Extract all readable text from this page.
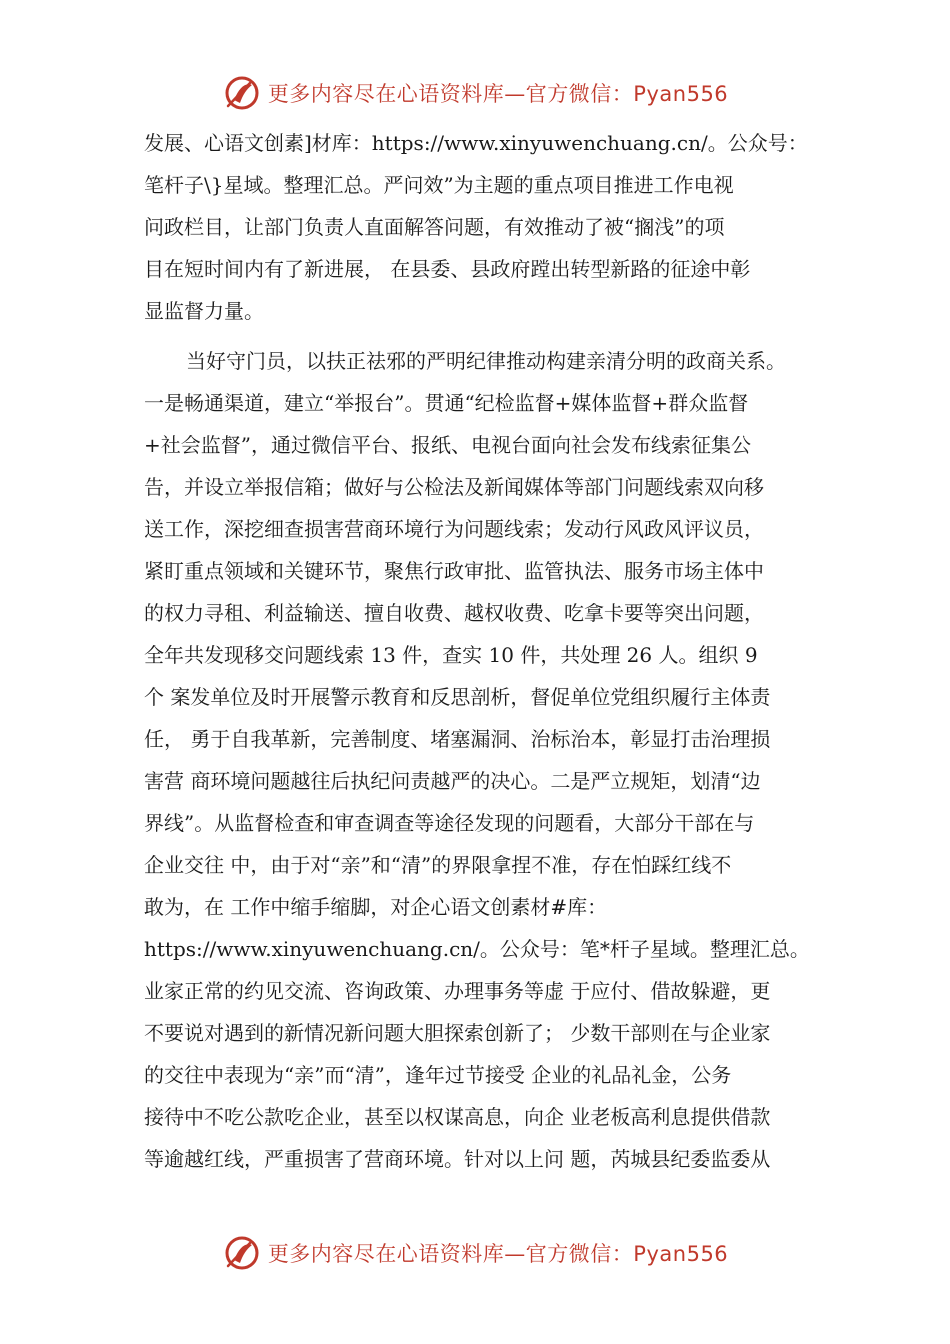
更多内容尽在心语资料库—官方微信：Pyan556
发展、心语文创素]材库：https://www.xinyuwenchuang.cn/。公众号：
笔杆子\}星域。整理汇总。严问效”为主题的重点项目推进工作电视
问政栏目，让部门负责人直面解答问题，有效推动了被“搁浅”的项
目在短时间内有了新进展， 在县委、县政府蹚出转型新路的征途中彰
显监督力量。
当好守门员，以扶正祛邪的严明纪律推动构建亲清分明的政商关系。
一是畅通渠道，建立“举报台”。贯通“纪检监督+媒体监督+群众监督
+社会监督”，通过微信平台、报纸、电视台面向社会发布线索征集公
告，并设立举报信箱；做好与公检法及新闻媒体等部门问题线索双向移
送工作，深挖细查损害营商环境行为问题线索；发动行风政风评议员，
紧盯重点领域和关键环节，聚焦行政审批、监管执法、服务市场主体中
的权力寻租、利益输送、擅自收费、越权收费、吃拿卡要等突出问题，
全年共发现移交问题线索 13 件，查实 10 件，共处理 26 人。组织 9
个 案发单位及时开展警示教育和反思剖析，督促单位党组织履行主体责
任， 勇于自我革新，完善制度、堵塞漏洞、治标治本，彰显打击治理损
害营 商环境问题越往后执纪问责越严的决心。二是严立规矩，划清“边
界线”。从监督检查和审查调查等途径发现的问题看，大部分干部在与
企业交往 中，由于对“亲”和“清”的界限拿捏不准，存在怕踩红线不
敢为，在 工作中缩手缩脚，对企心语文创素材#库：
https://www.xinyuwenchuang.cn/。公众号：笔*杆子星域。整理汇总。
业家正常的约见交流、咨询政策、办理事务等虚 于应付、借故躲避，更
不要说对遇到的新情况新问题大胆探索创新了； 少数干部则在与企业家
的交往中表现为“亲”而“清”，逢年过节接受 企业的礼品礼金，公务
接待中不吃公款吃企业，甚至以权谋高息，向企 业老板高利息提供借款
等逾越红线，严重损害了营商环境。针对以上问 题，芮城县纪委监委从
更多内容尽在心语资料库—官方微信：Pyan556
